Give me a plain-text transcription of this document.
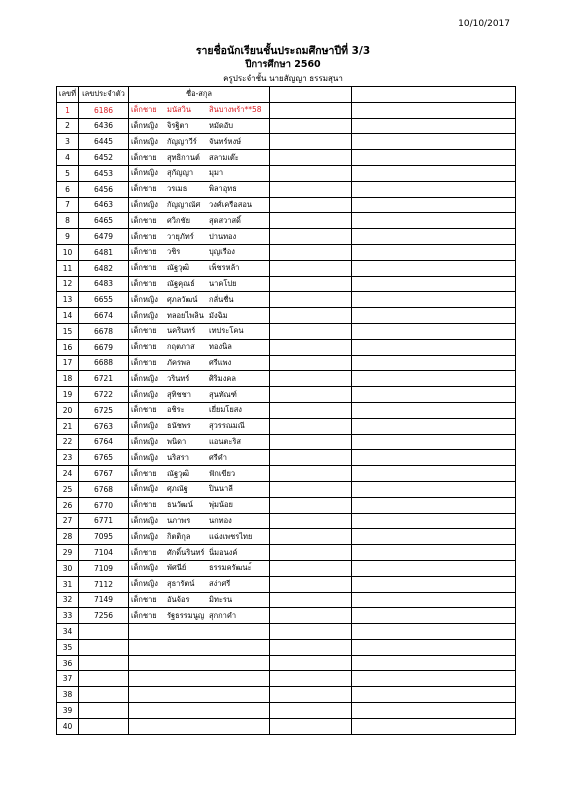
10/10/2017
รายชื่อนักเรียนชั้นประถมศึกษาปีที่ 3/3
ปีการศึกษา 2560
ครูประจำชั้น นายสัญญา ธรรมสุนา
เลขที่	เลขประจำตัว	ชื่อ-สกุล		
1	6186	เด็กชาย มนัสวิน สินบางพร้า**58		
2	6436	เด็กหญิง จิรฐิตา หมัดอับ		
3	6445	เด็กหญิง กัญญาวีร์ จันทร์หงษ์		
4	6452	เด็กชาย สุทธิกานต์ สลามเต๊ะ		
5	6453	เด็กหญิง สุกัญญา มุมา		
6	6456	เด็กชาย วรเมธ พิลาอุทธ		
7	6463	เด็กหญิง กัญญาณัศ วงศ์เครือสอน		
8	6465	เด็กชาย ศวิกชัย สุดสวาสดิ์		
9	6479	เด็กชาย วายุภัทร์ ปานทอง		
10	6481	เด็กชาย วชิร บุญเรือง		
11	6482	เด็กชาย ณัฐวุฒิ เพ็ชรหล้า		
12	6483	เด็กชาย ณัฐคุณธ์ นาคโปย		
13	6655	เด็กหญิง ศุภลวัฒน์ กลั่นชื่น		
14	6674	เด็กหญิง ทลอยไพลิน มังฉิม		
15	6678	เด็กชาย นครินทร์ เทประโคน		
16	6679	เด็กชาย กฤตภาส ทองนิล		
17	6688	เด็กชาย ภัครพล ศรีแพง		
18	6721	เด็กหญิง วรินทร์ ศิริมงคล		
19	6722	เด็กหญิง สุทิชชา สุนทัณฑ์		
20	6725	เด็กชาย อชิระ เยี่ยมโยสง		
21	6763	เด็กหญิง ธนัชพร สุวรรณมณี		
22	6764	เด็กหญิง พนิดา แอนตะริส		
23	6765	เด็กหญิง นริสรา ศรีคำ		
24	6767	เด็กชาย ณัฐวุฒิ ฟักเขียว		
25	6768	เด็กหญิง ศุภณัฐ ปินนาลี		
26	6770	เด็กชาย ธนวัฒน์ พุ่มน้อย		
27	6771	เด็กหญิง นภาพร นกทอง		
28	7095	เด็กหญิง กิตติกุล แฉ่งเพชรไทย		
29	7104	เด็กชาย ศักดิ์นรินทร์ นิ่มอนงค์		
30	7109	เด็กหญิง พัศนีย์ ธรรมครัฒนะ์		
31	7112	เด็กหญิง สุธารัตน์ สง่าศรี		
32	7149	เด็กชาย อันจ้อร มิทะรน		
33	7256	เด็กชาย รัฐธรรมนูญ สุกกาคำ		
34				
35				
36				
37				
38				
39				
40				
